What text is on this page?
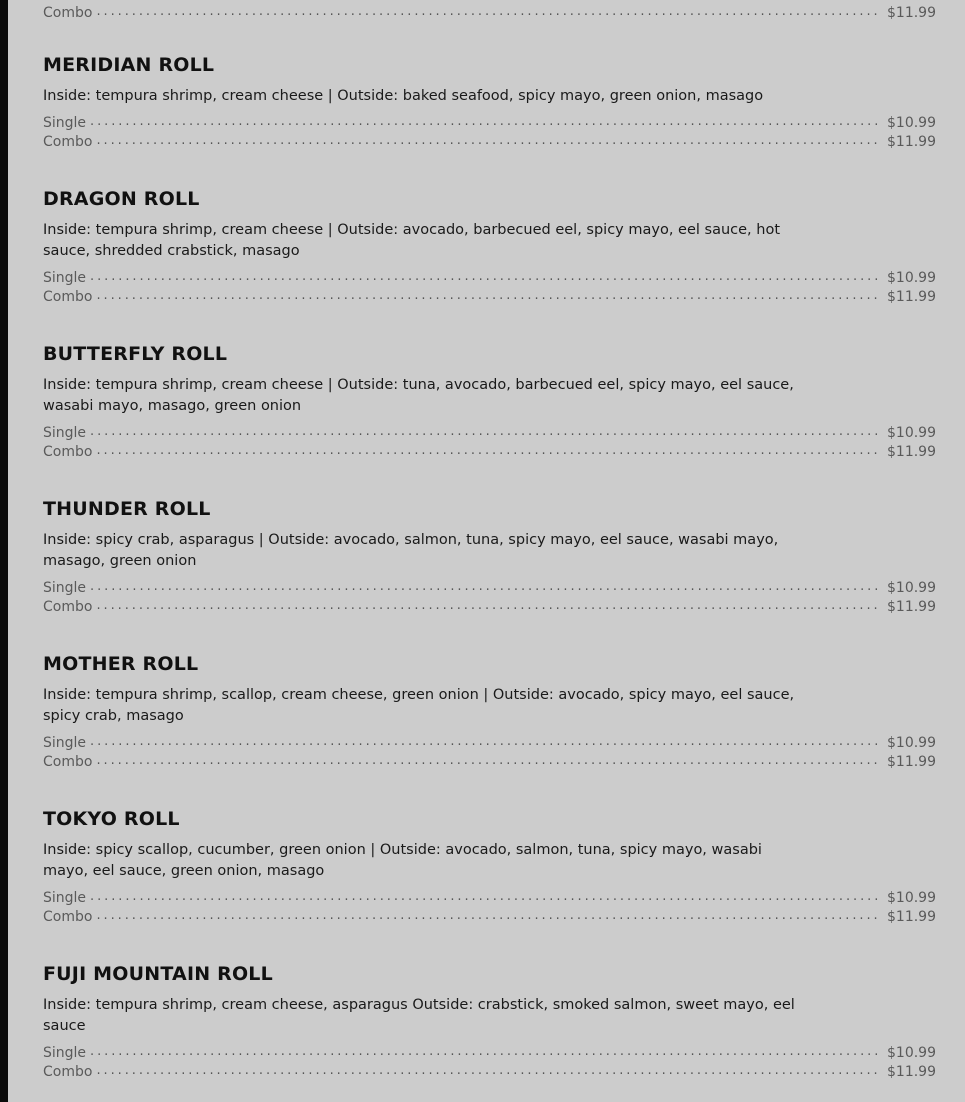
. . .
Combo . . .	$11.99
MERIDIAN ROLL
Inside: tempura shrimp, cream cheese | Outside: baked seafood, spicy mayo, green onion, masago
Single . . .	$10.99
Combo . . .	$11.99
DRAGON ROLL
Inside: tempura shrimp, cream cheese | Outside: avocado, barbecued eel, spicy mayo, eel sauce, hot sauce, shredded crabstick, masago
Single . . .	$10.99
Combo . . .	$11.99
BUTTERFLY ROLL
Inside: tempura shrimp, cream cheese | Outside: tuna, avocado, barbecued eel, spicy mayo, eel sauce, wasabi mayo, masago, green onion
Single . . .	$10.99
Combo . . .	$11.99
THUNDER ROLL
Inside: spicy crab, asparagus | Outside: avocado, salmon, tuna, spicy mayo, eel sauce, wasabi mayo, masago, green onion
Single . . .	$10.99
Combo . . .	$11.99
MOTHER ROLL
Inside: tempura shrimp, scallop, cream cheese, green onion | Outside: avocado, spicy mayo, eel sauce, spicy crab, masago
Single . . .	$10.99
Combo . . .	$11.99
TOKYO ROLL
Inside: spicy scallop, cucumber, green onion | Outside: avocado, salmon, tuna, spicy mayo, wasabi mayo, eel sauce, green onion, masago
Single . . .	$10.99
Combo . . .	$11.99
FUJI MOUNTAIN ROLL
Inside: tempura shrimp, cream cheese, asparagus Outside: crabstick, smoked salmon, sweet mayo, eel sauce
Single . . .	$10.99
Combo . . .	$11.99
